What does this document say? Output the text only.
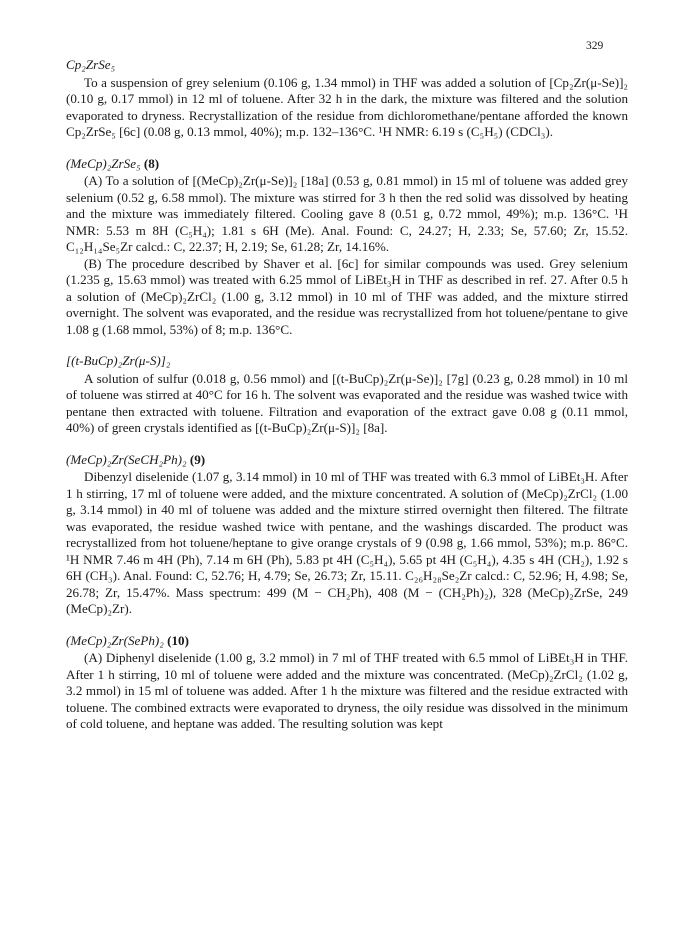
329
Cp₂ZrSe₅

To a suspension of grey selenium (0.106 g, 1.34 mmol) in THF was added a solution of [Cp₂Zr(μ-Se)]₂ (0.10 g, 0.17 mmol) in 12 ml of toluene. After 32 h in the dark, the mixture was filtered and the solution evaporated to dryness. Recrystallization of the residue from dichloromethane/pentane afforded the known Cp₂ZrSe₅ [6c] (0.08 g, 0.13 mmol, 40%); m.p. 132–136°C. ¹H NMR: 6.19 s (C₅H₅) (CDCl₃).

(MeCp)₂ZrSe₅ (8)

(A) To a solution of [(MeCp)₂Zr(μ-Se)]₂ [18a] (0.53 g, 0.81 mmol) in 15 ml of toluene was added grey selenium (0.52 g, 6.58 mmol). The mixture was stirred for 3 h then the red solid was dissolved by heating and the mixture was immediately filtered. Cooling gave 8 (0.51 g, 0.72 mmol, 49%); m.p. 136°C. ¹H NMR: 5.53 m 8H (C₅H₄); 1.81 s 6H (Me). Anal. Found: C, 24.27; H, 2.33; Se, 57.60; Zr, 15.52. C₁₂H₁₄Se₅Zr calcd.: C, 22.37; H, 2.19; Se, 61.28; Zr, 14.16%.

(B) The procedure described by Shaver et al. [6c] for similar compounds was used. Grey selenium (1.235 g, 15.63 mmol) was treated with 6.25 mmol of LiBEt₃H in THF as described in ref. 27. After 0.5 h a solution of (MeCp)₂ZrCl₂ (1.00 g, 3.12 mmol) in 10 ml of THF was added, and the mixture stirred overnight. The solvent was evaporated, and the residue was recrystallized from hot toluene/pentane to give 1.08 g (1.68 mmol, 53%) of 8; m.p. 136°C.

[(t-BuCp)₂Zr(μ-S)]₂

A solution of sulfur (0.018 g, 0.56 mmol) and [(t-BuCp)₂Zr(μ-Se)]₂ [7g] (0.23 g, 0.28 mmol) in 10 ml of toluene was stirred at 40°C for 16 h. The solvent was evaporated and the residue was washed twice with pentane then extracted with toluene. Filtration and evaporation of the extract gave 0.08 g (0.11 mmol, 40%) of green crystals identified as [(t-BuCp)₂Zr(μ-S)]₂ [8a].

(MeCp)₂Zr(SeCH₂Ph)₂ (9)

Dibenzyl diselenide (1.07 g, 3.14 mmol) in 10 ml of THF was treated with 6.3 mmol of LiBEt₃H. After 1 h stirring, 17 ml of toluene were added, and the mixture concentrated. A solution of (MeCp)₂ZrCl₂ (1.00 g, 3.14 mmol) in 40 ml of toluene was added and the mixture stirred overnight then filtered. The filtrate was evaporated, the residue washed twice with pentane, and the washings discarded. The product was recrystallized from hot toluene/heptane to give orange crystals of 9 (0.98 g, 1.66 mmol, 53%); m.p. 86°C. ¹H NMR 7.46 m 4H (Ph), 7.14 m 6H (Ph), 5.83 pt 4H (C₅H₄), 5.65 pt 4H (C₅H₄), 4.35 s 4H (CH₂), 1.92 s 6H (CH₃). Anal. Found: C, 52.76; H, 4.79; Se, 26.73; Zr, 15.11. C₂₆H₂₈Se₂Zr calcd.: C, 52.96; H, 4.98; Se, 26.78; Zr, 15.47%. Mass spectrum: 499 (M − CH₂Ph), 408 (M − (CH₂Ph)₂), 328 (MeCp)₂ZrSe, 249 (MeCp)₂Zr).

(MeCp)₂Zr(SePh)₂ (10)

(A) Diphenyl diselenide (1.00 g, 3.2 mmol) in 7 ml of THF treated with 6.5 mmol of LiBEt₃H in THF. After 1 h stirring, 10 ml of toluene were added and the mixture was concentrated. (MeCp)₂ZrCl₂ (1.02 g, 3.2 mmol) in 15 ml of toluene was added. After 1 h the mixture was filtered and the residue extracted with toluene. The combined extracts were evaporated to dryness, the oily residue was dissolved in the minimum of cold toluene, and heptane was added. The resulting solution was kept
